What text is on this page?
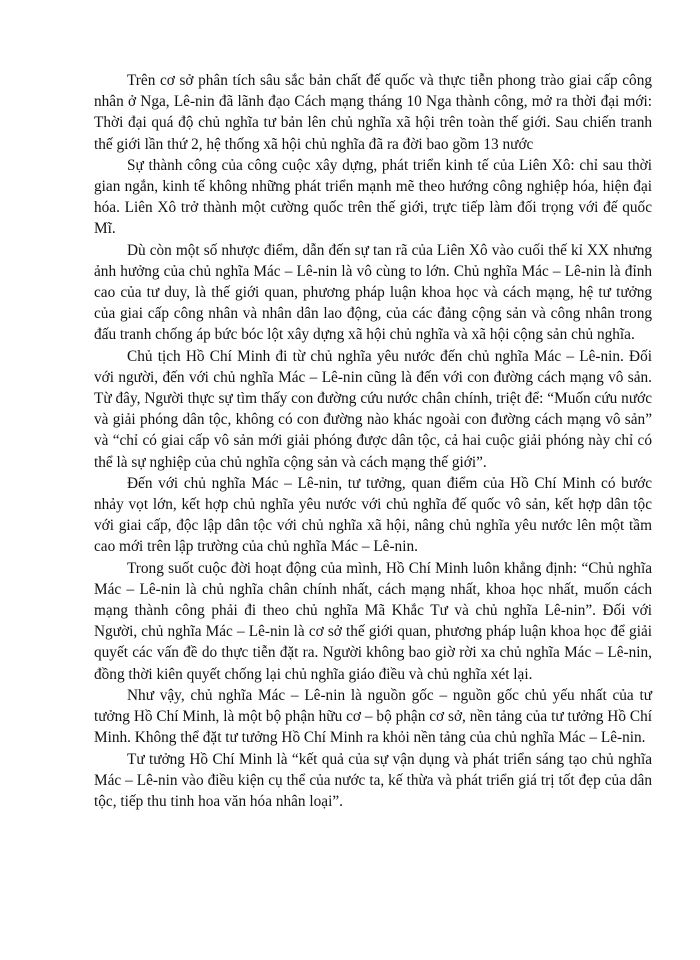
Trên cơ sở phân tích sâu sắc bản chất đế quốc và thực tiễn phong trào giai cấp công nhân ở Nga, Lê-nin đã lãnh đạo Cách mạng tháng 10 Nga thành công, mở ra thời đại mới: Thời đại quá độ chủ nghĩa tư bản lên chủ nghĩa xã hội trên toàn thế giới. Sau chiến tranh thế giới lần thứ 2, hệ thống xã hội chủ nghĩa đã ra đời bao gồm 13 nước

Sự thành công của công cuộc xây dựng, phát triển kinh tế của Liên Xô: chỉ sau thời gian ngắn, kinh tế không những phát triển mạnh mẽ theo hướng công nghiệp hóa, hiện đại hóa. Liên Xô trở thành một cường quốc trên thế giới, trực tiếp làm đối trọng với đế quốc Mĩ.

Dù còn một số nhược điểm, dẫn đến sự tan rã của Liên Xô vào cuối thế kỉ XX nhưng ảnh hưởng của chủ nghĩa Mác – Lê-nin là vô cùng to lớn. Chủ nghĩa Mác – Lê-nin là đỉnh cao của tư duy, là thế giới quan, phương pháp luận khoa học và cách mạng, hệ tư tưởng của giai cấp công nhân và nhân dân lao động, của các đảng cộng sản và công nhân trong đấu tranh chống áp bức bóc lột xây dựng xã hội chủ nghĩa và xã hội cộng sản chủ nghĩa.

Chủ tịch Hồ Chí Minh đi từ chủ nghĩa yêu nước đến chủ nghĩa Mác – Lê-nin. Đối với người, đến với chủ nghĩa Mác – Lê-nin cũng là đến với con đường cách mạng vô sản. Từ đây, Người thực sự tìm thấy con đường cứu nước chân chính, triệt để: “Muốn cứu nước và giải phóng dân tộc, không có con đường nào khác ngoài con đường cách mạng vô sản” và “chỉ có giai cấp vô sản mới giải phóng được dân tộc, cả hai cuộc giải phóng này chỉ có thể là sự nghiệp của chủ nghĩa cộng sản và cách mạng thế giới”.

Đến với chủ nghĩa Mác – Lê-nin, tư tưởng, quan điểm của Hồ Chí Minh có bước nhảy vọt lớn, kết hợp chủ nghĩa yêu nước với chủ nghĩa đế quốc vô sản, kết hợp dân tộc với giai cấp, độc lập dân tộc với chủ nghĩa xã hội, nâng chủ nghĩa yêu nước lên một tầm cao mới trên lập trường của chủ nghĩa Mác – Lê-nin.

Trong suốt cuộc đời hoạt động của mình, Hồ Chí Minh luôn khẳng định: “Chủ nghĩa Mác – Lê-nin là chủ nghĩa chân chính nhất, cách mạng nhất, khoa học nhất, muốn cách mạng thành công phải đi theo chủ nghĩa Mã Khắc Tư và chủ nghĩa Lê-nin”. Đối với Người, chủ nghĩa Mác – Lê-nin là cơ sở thế giới quan, phương pháp luận khoa học để giải quyết các vấn đề do thực tiễn đặt ra. Người không bao giờ rời xa chủ nghĩa Mác – Lê-nin, đồng thời kiên quyết chống lại chủ nghĩa giáo điều và chủ nghĩa xét lại.

Như vậy, chủ nghĩa Mác – Lê-nin là nguồn gốc – nguồn gốc chủ yếu nhất của tư tưởng Hồ Chí Minh, là một bộ phận hữu cơ – bộ phận cơ sở, nền tảng của tư tưởng Hồ Chí Minh. Không thể đặt tư tưởng Hồ Chí Minh ra khỏi nền tảng của chủ nghĩa Mác – Lê-nin.

Tư tưởng Hồ Chí Minh là “kết quả của sự vận dụng và phát triển sáng tạo chủ nghĩa Mác – Lê-nin vào điều kiện cụ thể của nước ta, kế thừa và phát triển giá trị tốt đẹp của dân tộc, tiếp thu tinh hoa văn hóa nhân loại”.
